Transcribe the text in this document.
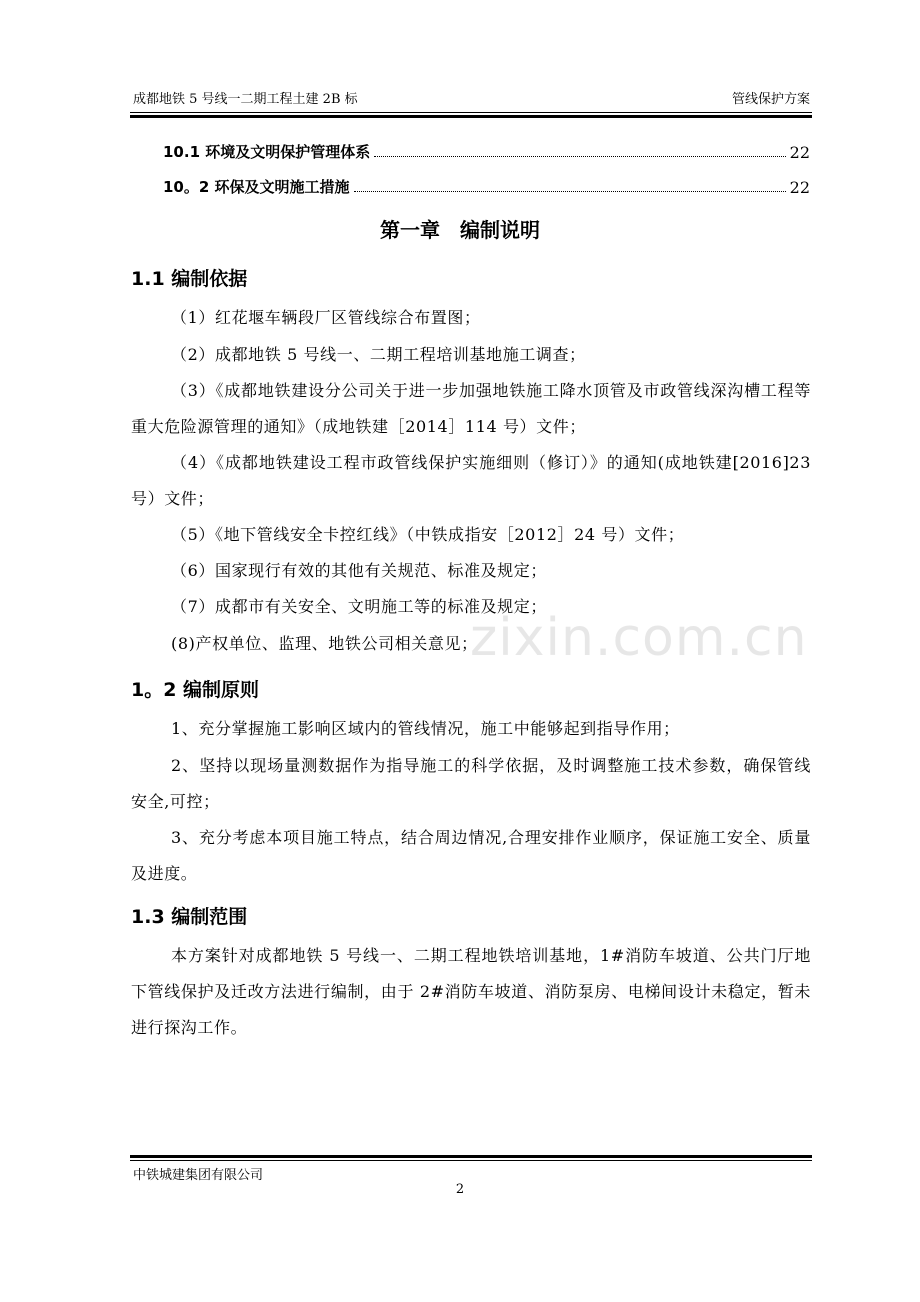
成都地铁 5 号线一二期工程土建 2B 标	管线保护方案
10.1 环境及文明保护管理体系	22
10。2 环保及文明施工措施	22
第一章　编制说明
1.1 编制依据
（1）红花堰车辆段厂区管线综合布置图；
（2）成都地铁 5 号线一、二期工程培训基地施工调查；
（3）《成都地铁建设分公司关于进一步加强地铁施工降水顶管及市政管线深沟槽工程等重大危险源管理的通知》（成地铁建［2014］114 号）文件；
（4）《成都地铁建设工程市政管线保护实施细则（修订）》的通知(成地铁建[2016]23 号）文件；
（5）《地下管线安全卡控红线》（中铁成指安［2012］24 号）文件；
（6）国家现行有效的其他有关规范、标准及规定；
（7）成都市有关安全、文明施工等的标准及规定；
(8)产权单位、监理、地铁公司相关意见；
zixin.com.cn
1。2 编制原则
1、充分掌握施工影响区域内的管线情况，施工中能够起到指导作用；
2、坚持以现场量测数据作为指导施工的科学依据，及时调整施工技术参数，确保管线安全,可控；
3、充分考虑本项目施工特点，结合周边情况,合理安排作业顺序，保证施工安全、质量及进度。
1.3 编制范围
本方案针对成都地铁 5 号线一、二期工程地铁培训基地，1#消防车坡道、公共门厅地下管线保护及迁改方法进行编制，由于 2#消防车坡道、消防泵房、电梯间设计未稳定，暂未进行探沟工作。
中铁城建集团有限公司
2
